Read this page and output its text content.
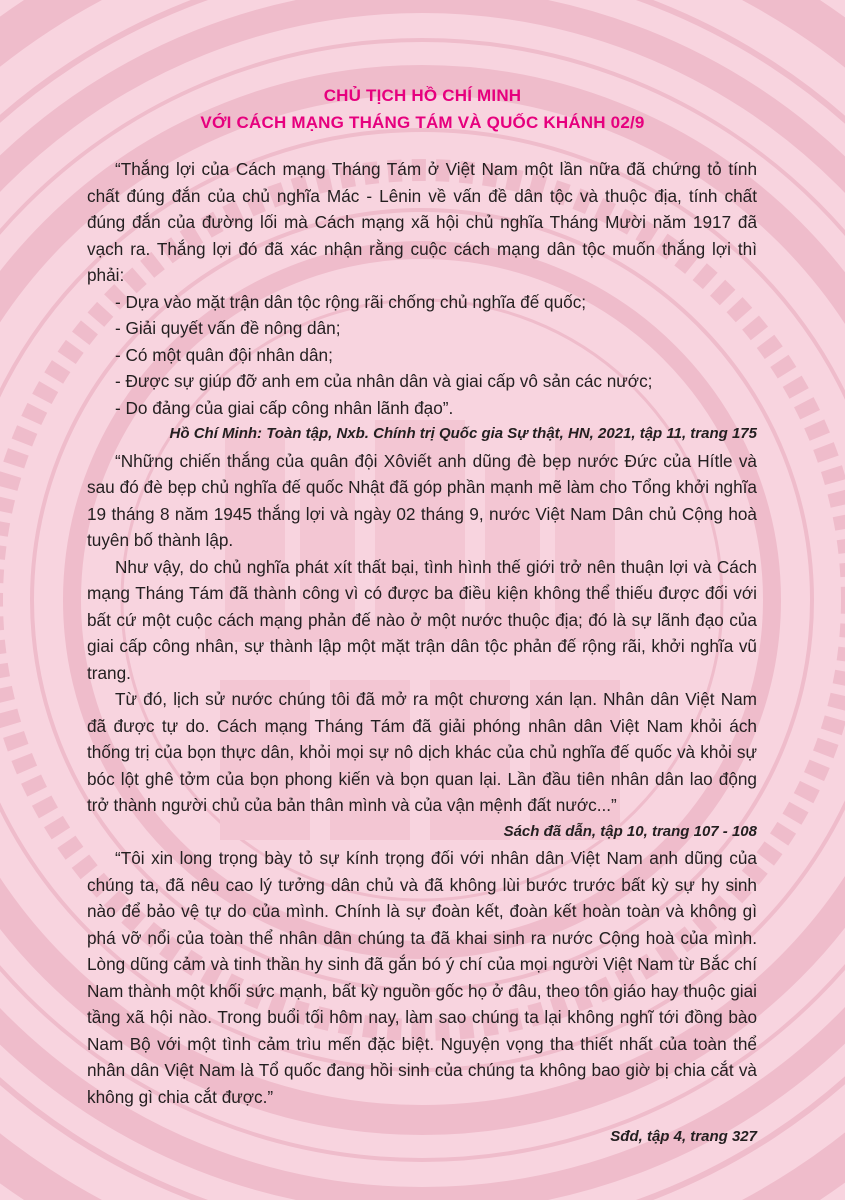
CHỦ TỊCH HỒ CHÍ MINH
VỚI CÁCH MẠNG THÁNG TÁM VÀ QUỐC KHÁNH 02/9

“Thắng lợi của Cách mạng Tháng Tám ở Việt Nam một lần nữa đã chứng tỏ tính chất đúng đắn của chủ nghĩa Mác - Lênin về vấn đề dân tộc và thuộc địa, tính chất đúng đắn của đường lối mà Cách mạng xã hội chủ nghĩa Tháng Mười năm 1917 đã vạch ra. Thắng lợi đó đã xác nhận rằng cuộc cách mạng dân tộc muốn thắng lợi thì phải:

- Dựa vào mặt trận dân tộc rộng rãi chống chủ nghĩa đế quốc;

- Giải quyết vấn đề nông dân;

- Có một quân đội nhân dân;

- Được sự giúp đỡ anh em của nhân dân và giai cấp vô sản các nước;

- Do đảng của giai cấp công nhân lãnh đạo”.

Hồ Chí Minh: Toàn tập, Nxb. Chính trị Quốc gia Sự thật, HN, 2021, tập 11, trang 175

“Những chiến thắng của quân đội Xôviết anh dũng đè bẹp nước Đức của Hítle và sau đó đè bẹp chủ nghĩa đế quốc Nhật đã góp phần mạnh mẽ làm cho Tổng khởi nghĩa 19 tháng 8 năm 1945 thắng lợi và ngày 02 tháng 9, nước Việt Nam Dân chủ Cộng hoà tuyên bố thành lập.

Như vậy, do chủ nghĩa phát xít thất bại, tình hình thế giới trở nên thuận lợi và Cách mạng Tháng Tám đã thành công vì có được ba điều kiện không thể thiếu được đối với bất cứ một cuộc cách mạng phản đế nào ở một nước thuộc địa; đó là sự lãnh đạo của giai cấp công nhân, sự thành lập một mặt trận dân tộc phản đế rộng rãi, khởi nghĩa vũ trang.

Từ đó, lịch sử nước chúng tôi đã mở ra một chương xán lạn. Nhân dân Việt Nam đã được tự do. Cách mạng Tháng Tám đã giải phóng nhân dân Việt Nam khỏi ách thống trị của bọn thực dân, khỏi mọi sự nô dịch khác của chủ nghĩa đế quốc và khỏi sự bóc lột ghê tởm của bọn phong kiến và bọn quan lại. Lần đầu tiên nhân dân lao động trở thành người chủ của bản thân mình và của vận mệnh đất nước...”

Sách đã dẫn, tập 10, trang 107 - 108

“Tôi xin long trọng bày tỏ sự kính trọng đối với nhân dân Việt Nam anh dũng của chúng ta, đã nêu cao lý tưởng dân chủ và đã không lùi bước trước bất kỳ sự hy sinh nào để bảo vệ tự do của mình. Chính là sự đoàn kết, đoàn kết hoàn toàn và không gì phá vỡ nổi của toàn thể nhân dân chúng ta đã khai sinh ra nước Cộng hoà của mình. Lòng dũng cảm và tinh thần hy sinh đã gắn bó ý chí của mọi người Việt Nam từ Bắc chí Nam thành một khối sức mạnh, bất kỳ nguồn gốc họ ở đâu, theo tôn giáo hay thuộc giai tầng xã hội nào. Trong buổi tối hôm nay, làm sao chúng ta lại không nghĩ tới đồng bào Nam Bộ với một tình cảm trìu mến đặc biệt. Nguyện vọng tha thiết nhất của toàn thể nhân dân Việt Nam là Tổ quốc đang hồi sinh của chúng ta không bao giờ bị chia cắt và không gì chia cắt được.”

Sđd, tập 4, trang 327
